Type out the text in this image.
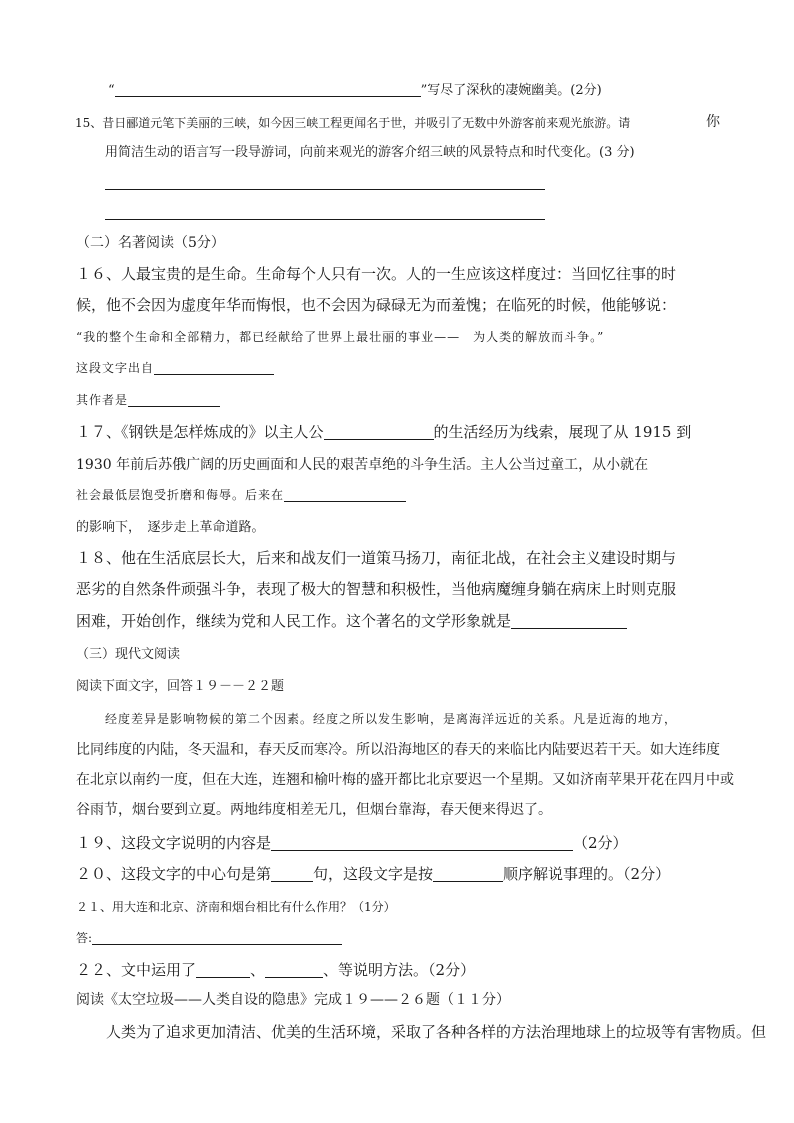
“	”写尽了深秋的凄婉幽美。(2分)
15、昔日郦道元笔下美丽的三峡，如今因三峡工程更闻名于世，并吸引了无数中外游客前来观光旅游。请	你
用简洁生动的语言写一段导游词，向前来观光的游客介绍三峡的风景特点和时代变化。(3 分)
（二）名著阅读（5分）
１６、人最宝贵的是生命。生命每个人只有一次。人的一生应该这样度过：当回忆往事的时
候，他不会因为虚度年华而悔恨，也不会因为碌碌无为而羞愧；在临死的时候，他能够说：
“我的整个生命和全部精力，都已经献给了世界上最壮丽的事业——　为人类的解放而斗争。”
这段文字出自
其作者是
１７、《钢铁是怎样炼成的》以主人公	的生活经历为线索，展现了从 1915 到
1930 年前后苏俄广阔的历史画面和人民的艰苦卓绝的斗争生活。主人公当过童工，从小就在
社会最低层饱受折磨和侮辱。后来在
的影响下，　逐步走上革命道路。
１８、他在生活底层长大，后来和战友们一道策马扬刀，南征北战，在社会主义建设时期与
恶劣的自然条件顽强斗争，表现了极大的智慧和积极性，当他病魔缠身躺在病床上时则克服
困难，开始创作，继续为党和人民工作。这个著名的文学形象就是
（三）现代文阅读
阅读下面文字，回答１９－－２２题
经度差异是影响物候的第二个因素。经度之所以发生影响，是离海洋远近的关系。凡是近海的地方，
比同纬度的内陆，冬天温和，春天反而寒冷。所以沿海地区的春天的来临比内陆要迟若干天。如大连纬度
在北京以南约一度，但在大连，连翘和榆叶梅的盛开都比北京要迟一个星期。又如济南苹果开花在四月中或
谷雨节，烟台要到立夏。两地纬度相差无几，但烟台靠海，春天便来得迟了。
１９、这段文字说明的内容是	（2分）
２０、这段文字的中心句是第	句，这段文字是按	顺序解说事理的。（2分）
２１、用大连和北京、济南和烟台相比有什么作用？（1分）
答:
２２、文中运用了	、	、等说明方法。（2分）
阅读《太空垃圾——人类自设的隐患》完成１９——２６题（１１分）
人类为了追求更加清洁、优美的生活环境，采取了各种各样的方法治理地球上的垃圾等有害物质。但
